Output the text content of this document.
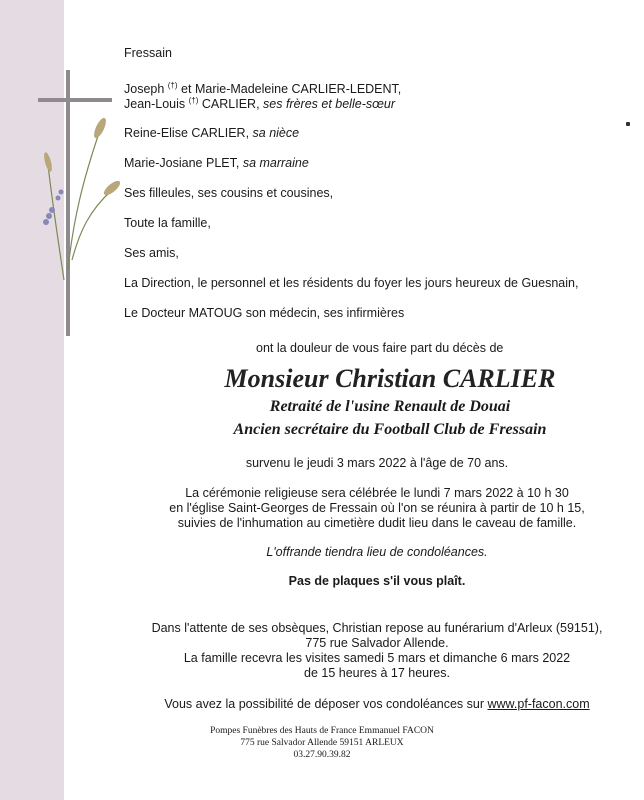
Fressain
Joseph (†) et Marie-Madeleine CARLIER-LEDENT,
Jean-Louis (†) CARLIER, ses frères et belle-sœur
Reine-Elise CARLIER, sa nièce
Marie-Josiane PLET, sa marraine
Ses filleules, ses cousins et cousines,
Toute la famille,
Ses amis,
La Direction, le personnel et les résidents du foyer les jours heureux de Guesnain,
Le Docteur MATOUG son médecin, ses infirmières
ont la douleur de vous faire part du décès de
Monsieur Christian CARLIER
Retraité de l'usine Renault de Douai
Ancien secrétaire du Football Club de Fressain
survenu le jeudi 3 mars 2022 à l'âge de 70 ans.
La cérémonie religieuse sera célébrée le lundi 7 mars 2022 à 10 h 30
en l'église Saint-Georges de Fressain où l'on se réunira à partir de 10 h 15,
suivies de l'inhumation au cimetière dudit lieu dans le caveau de famille.
L'offrande tiendra lieu de condoléances.
Pas de plaques s'il vous plaît.
Dans l'attente de ses obsèques, Christian repose au funérarium d'Arleux (59151),
775 rue Salvador Allende.
La famille recevra les visites samedi 5 mars et dimanche 6 mars 2022
de 15 heures à 17 heures.
Vous avez la possibilité de déposer vos condoléances sur www.pf-facon.com
Pompes Funèbres des Hauts de France Emmanuel FACON
775 rue Salvador Allende 59151 ARLEUX
03.27.90.39.82
